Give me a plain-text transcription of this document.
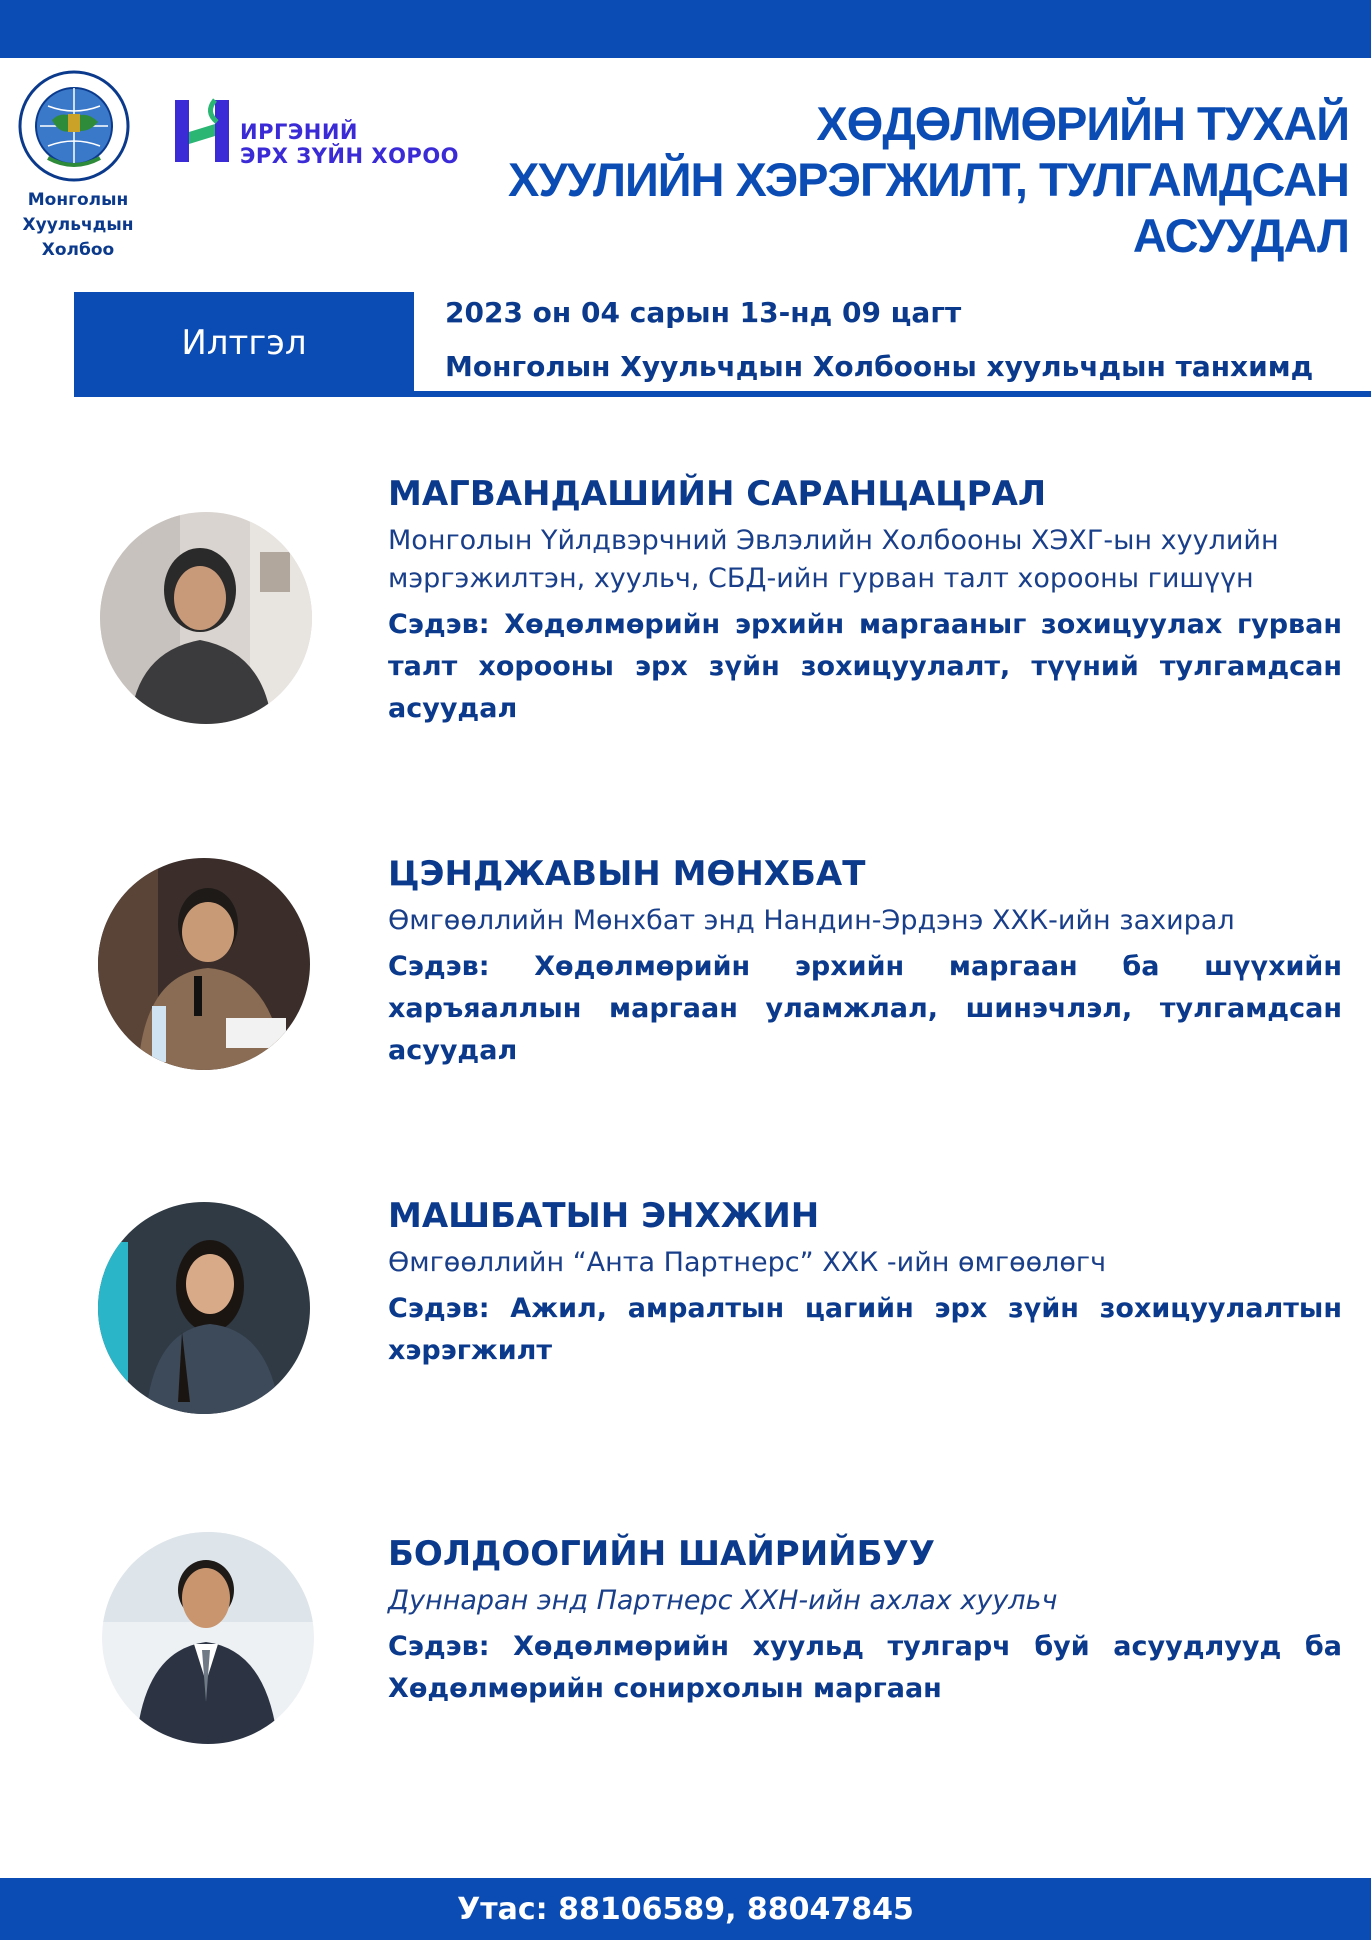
Монголын
Хуульчдын
Холбоо
ИРГЭНИЙ
ЭРХ ЗҮЙН ХОРОО
ХӨДӨЛМӨРИЙН ТУХАЙ
ХУУЛИЙН ХЭРЭГЖИЛТ, ТУЛГАМДСАН
АСУУДАЛ
Илтгэл
2023 он 04 сарын 13-нд 09 цагт
Монголын Хуульчдын Холбооны хуульчдын танхимд

МАГВАНДАШИЙН САРАНЦАЦРАЛ

Монголын Үйлдвэрчний Эвлэлийн Холбооны ХЭХГ-ын хуулийн мэргэжилтэн, хуульч, СБД-ийн гурван талт хорооны гишүүн

Сэдэв: Хөдөлмөрийн эрхийн маргааныг зохицуулах гурван талт хорооны эрх зүйн зохицуулалт, түүний тулгамдсан асуудал

ЦЭНДЖАВЫН МӨНХБАТ

Өмгөөллийн Мөнхбат энд Нандин-Эрдэнэ ХХК-ийн захирал

Сэдэв: Хөдөлмөрийн эрхийн маргаан ба шүүхийн харъяаллын маргаан уламжлал, шинэчлэл, тулгамдсан асуудал

МАШБАТЫН ЭНХЖИН

Өмгөөллийн “Анта Партнерс” ХХК -ийн өмгөөлөгч

Сэдэв: Ажил, амралтын цагийн эрх зүйн зохицуулалтын хэрэгжилт

БОЛДООГИЙН ШАЙРИЙБУУ

Дуннаран энд Партнерс ХХН-ийн ахлах хуульч

Сэдэв: Хөдөлмөрийн хуульд тулгарч буй асуудлууд ба Хөдөлмөрийн сонирхолын маргаан

Утас: 88106589, 88047845
